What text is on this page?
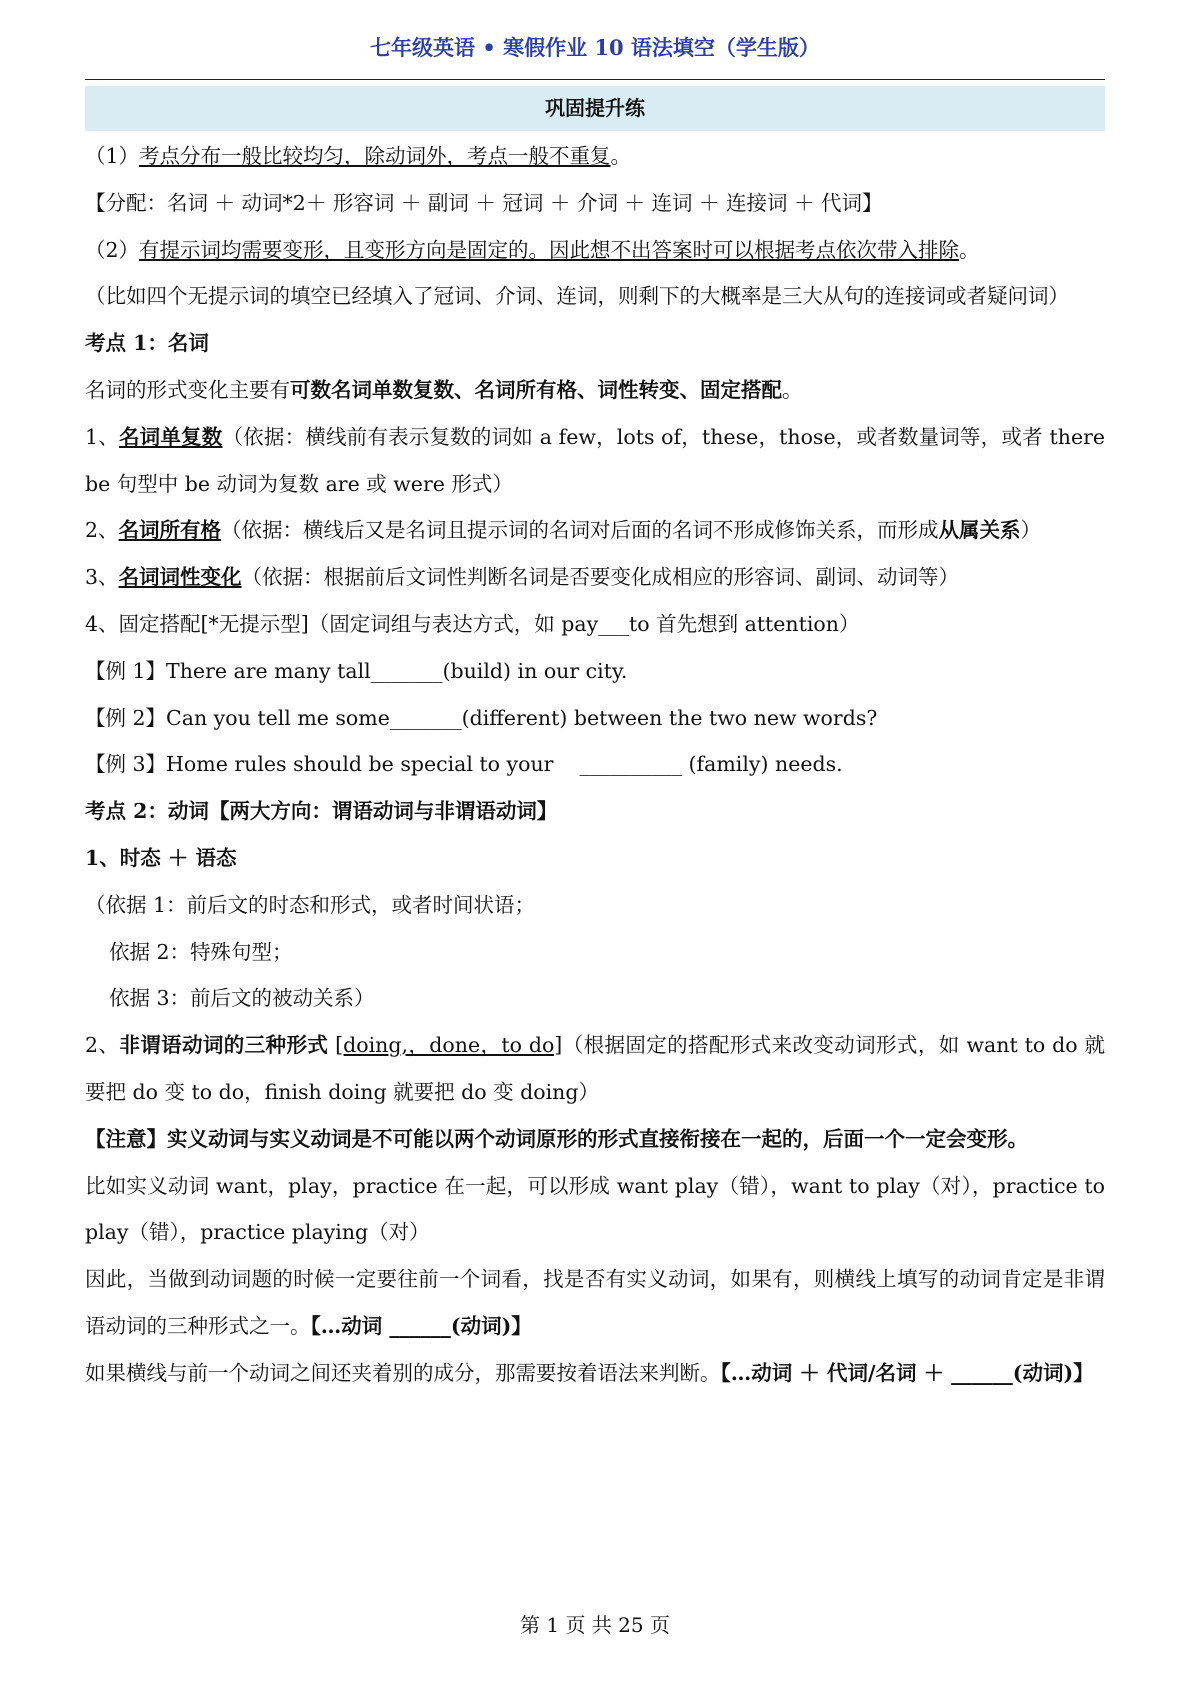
七年级英语 • 寒假作业 10 语法填空（学生版）
巩固提升练
（1）考点分布一般比较均匀，除动词外，考点一般不重复。
【分配：名词 ＋ 动词*2＋ 形容词 ＋ 副词 ＋ 冠词 ＋ 介词 ＋ 连词 ＋ 连接词 ＋ 代词】
（2）有提示词均需要变形，且变形方向是固定的。因此想不出答案时可以根据考点依次带入排除。
（比如四个无提示词的填空已经填入了冠词、介词、连词，则剩下的大概率是三大从句的连接词或者疑问词）
考点 1：名词
名词的形式变化主要有可数名词单数复数、名词所有格、词性转变、固定搭配。
1、名词单复数（依据：横线前有表示复数的词如 a few，lots of，these，those，或者数量词等，或者 there be 句型中 be 动词为复数 are 或 were 形式）
2、名词所有格（依据：横线后又是名词且提示词的名词对后面的名词不形成修饰关系，而形成从属关系）
3、名词词性变化（依据：根据前后文词性判断名词是否要变化成相应的形容词、副词、动词等）
4、固定搭配[*无提示型]（固定词组与表达方式，如 pay___to 首先想到 attention）
【例 1】There are many tall_______(build) in our city.
【例 2】Can you tell me some_______(different) between the two new words?
【例 3】Home rules should be special to your    __________ (family) needs.
考点 2：动词【两大方向：谓语动词与非谓语动词】
1、时态 ＋ 语态
（依据 1：前后文的时态和形式，或者时间状语；
依据 2：特殊句型；
依据 3：前后文的被动关系）
2、非谓语动词的三种形式 [doing,，done，to do]（根据固定的搭配形式来改变动词形式，如 want to do 就要把 do 变 to do，finish doing 就要把 do 变 doing）
【注意】实义动词与实义动词是不可能以两个动词原形的形式直接衔接在一起的，后面一个一定会变形。
比如实义动词 want，play，practice 在一起，可以形成 want play（错），want to play（对），practice to play（错），practice playing（对）
因此，当做到动词题的时候一定要往前一个词看，找是否有实义动词，如果有，则横线上填写的动词肯定是非谓语动词的三种形式之一。【…动词 ______(动词)】
如果横线与前一个动词之间还夹着别的成分，那需要按着语法来判断。【…动词 ＋ 代词/名词 ＋ ______(动词)】
第 1 页 共 25 页
